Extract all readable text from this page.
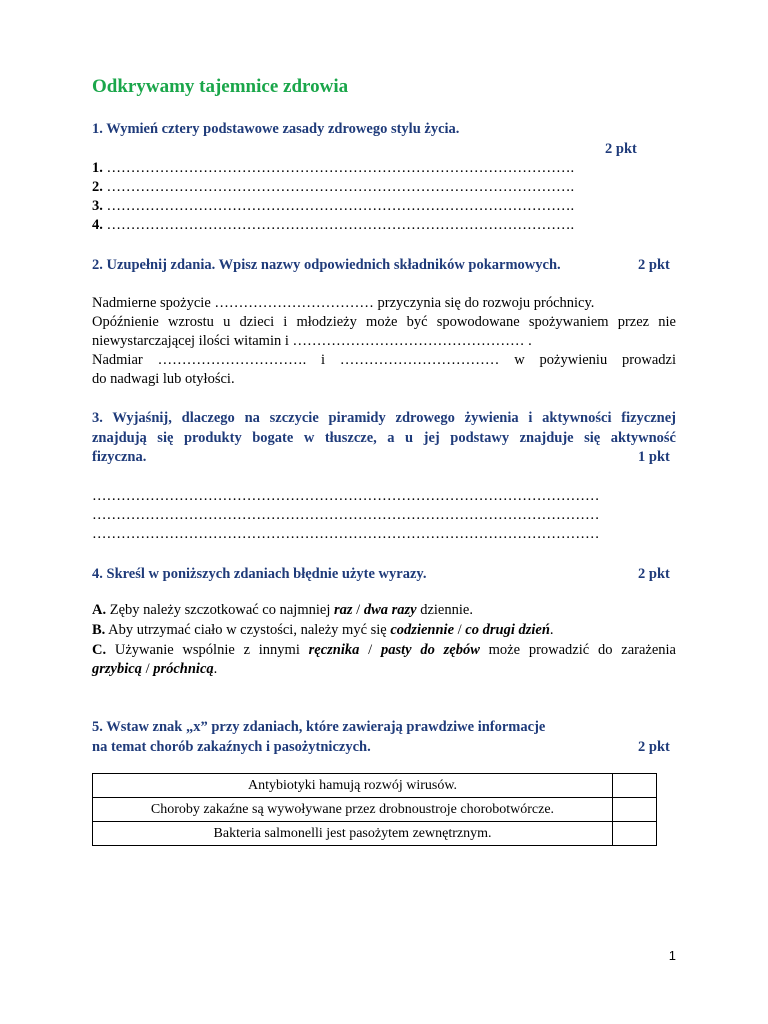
Odkrywamy tajemnice zdrowia
1. Wymień cztery podstawowe zasady zdrowego stylu życia.
2 pkt
1. …………………………………………………………………………………….
2. …………………………………………………………………………………….
3. …………………………………………………………………………………….
4. …………………………………………………………………………………….
2. Uzupełnij zdania. Wpisz nazwy odpowiednich składników pokarmowych.	2 pkt
Nadmierne spożycie …………………………… przyczynia się do rozwoju próchnicy.
Opóźnienie wzrostu u dzieci i młodzieży może być spowodowane spożywaniem przez nie
niewystarczającej ilości witamin i ………………………………………… .
Nadmiar …………………………. i …………………………… w pożywieniu prowadzi
do nadwagi lub otyłości.
3. Wyjaśnij, dlaczego na szczycie piramidy zdrowego żywienia i aktywności fizycznej
znajdują się produkty bogate w tłuszcze, a u jej podstawy znajduje się aktywność
fizyczna.	1 pkt
……………………………………………………………………………………………
……………………………………………………………………………………………
……………………………………………………………………………………………
4. Skreśl w poniższych zdaniach błędnie użyte wyrazy.	2 pkt
A. Zęby należy szczotkować co najmniej raz / dwa razy dziennie.
B. Aby utrzymać ciało w czystości, należy myć się codziennie / co drugi dzień.
C. Używanie wspólnie z innymi ręcznika / pasty do zębów może prowadzić do zarażenia
grzybicą / próchnicą.
5. Wstaw znak „x” przy zdaniach, które zawierają prawdziwe informacje
na temat chorób zakaźnych i pasożytniczych.	2 pkt
Antybiotyki hamują rozwój wirusów.	
Choroby zakaźne są wywoływane przez drobnoustroje chorobotwórcze.	
Bakteria salmonelli jest pasożytem zewnętrznym.	
1
